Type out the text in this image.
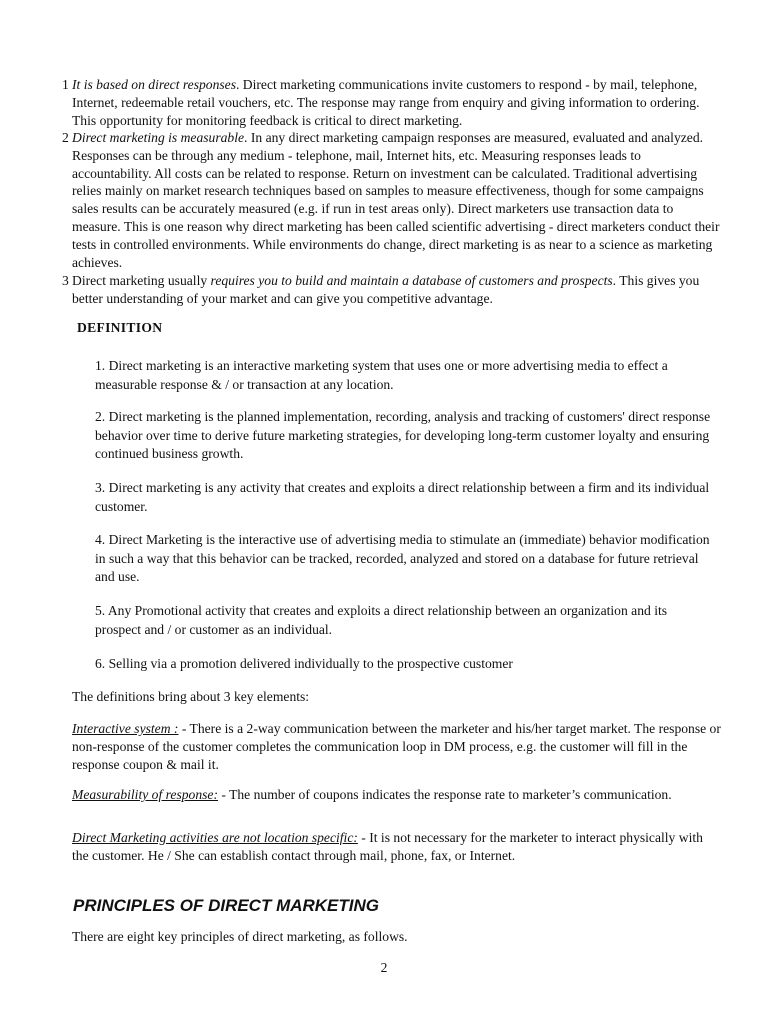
1 It is based on direct responses. Direct marketing communications invite customers to respond - by mail, telephone, Internet, redeemable retail vouchers, etc. The response may range from enquiry and giving information to ordering. This opportunity for monitoring feedback is critical to direct marketing.
2 Direct marketing is measurable. In any direct marketing campaign responses are measured, evaluated and analyzed. Responses can be through any medium - telephone, mail, Internet hits, etc. Measuring responses leads to accountability. All costs can be related to response. Return on investment can be calculated. Traditional advertising relies mainly on market research techniques based on samples to measure effectiveness, though for some campaigns sales results can be accurately measured (e.g. if run in test areas only). Direct marketers use transaction data to measure. This is one reason why direct marketing has been called scientific advertising - direct marketers conduct their tests in controlled environments. While environments do change, direct marketing is as near to a science as marketing achieves.
3 Direct marketing usually requires you to build and maintain a database of customers and prospects. This gives you better understanding of your market and can give you competitive advantage.
DEFINITION
1. Direct marketing is an interactive marketing system that uses one or more advertising media to effect a measurable response & / or transaction at any location.
2. Direct marketing is the planned implementation, recording, analysis and tracking of customers' direct response behavior over time to derive future marketing strategies, for developing long-term customer loyalty and ensuring continued business growth.
3. Direct marketing is any activity that creates and exploits a direct relationship between a firm and its individual customer.
4. Direct Marketing is the interactive use of advertising media to stimulate an (immediate) behavior modification in such a way that this behavior can be tracked, recorded, analyzed and stored on a database for future retrieval and use.
5. Any Promotional activity that creates and exploits a direct relationship between an organization and its prospect and / or customer as an individual.
6. Selling via a promotion delivered individually to the prospective customer
The definitions bring about 3 key elements:
Interactive system : - There is a 2-way communication between the marketer and his/her target market. The response or non-response of the customer completes the communication loop in DM process, e.g. the customer will fill in the response coupon & mail it.
Measurability of response: - The number of coupons indicates the response rate to marketer’s communication.
Direct Marketing activities are not location specific: - It is not necessary for the marketer to interact physically with the customer. He / She can establish contact through mail, phone, fax, or Internet.
PRINCIPLES OF DIRECT MARKETING
There are eight key principles of direct marketing, as follows.
2
